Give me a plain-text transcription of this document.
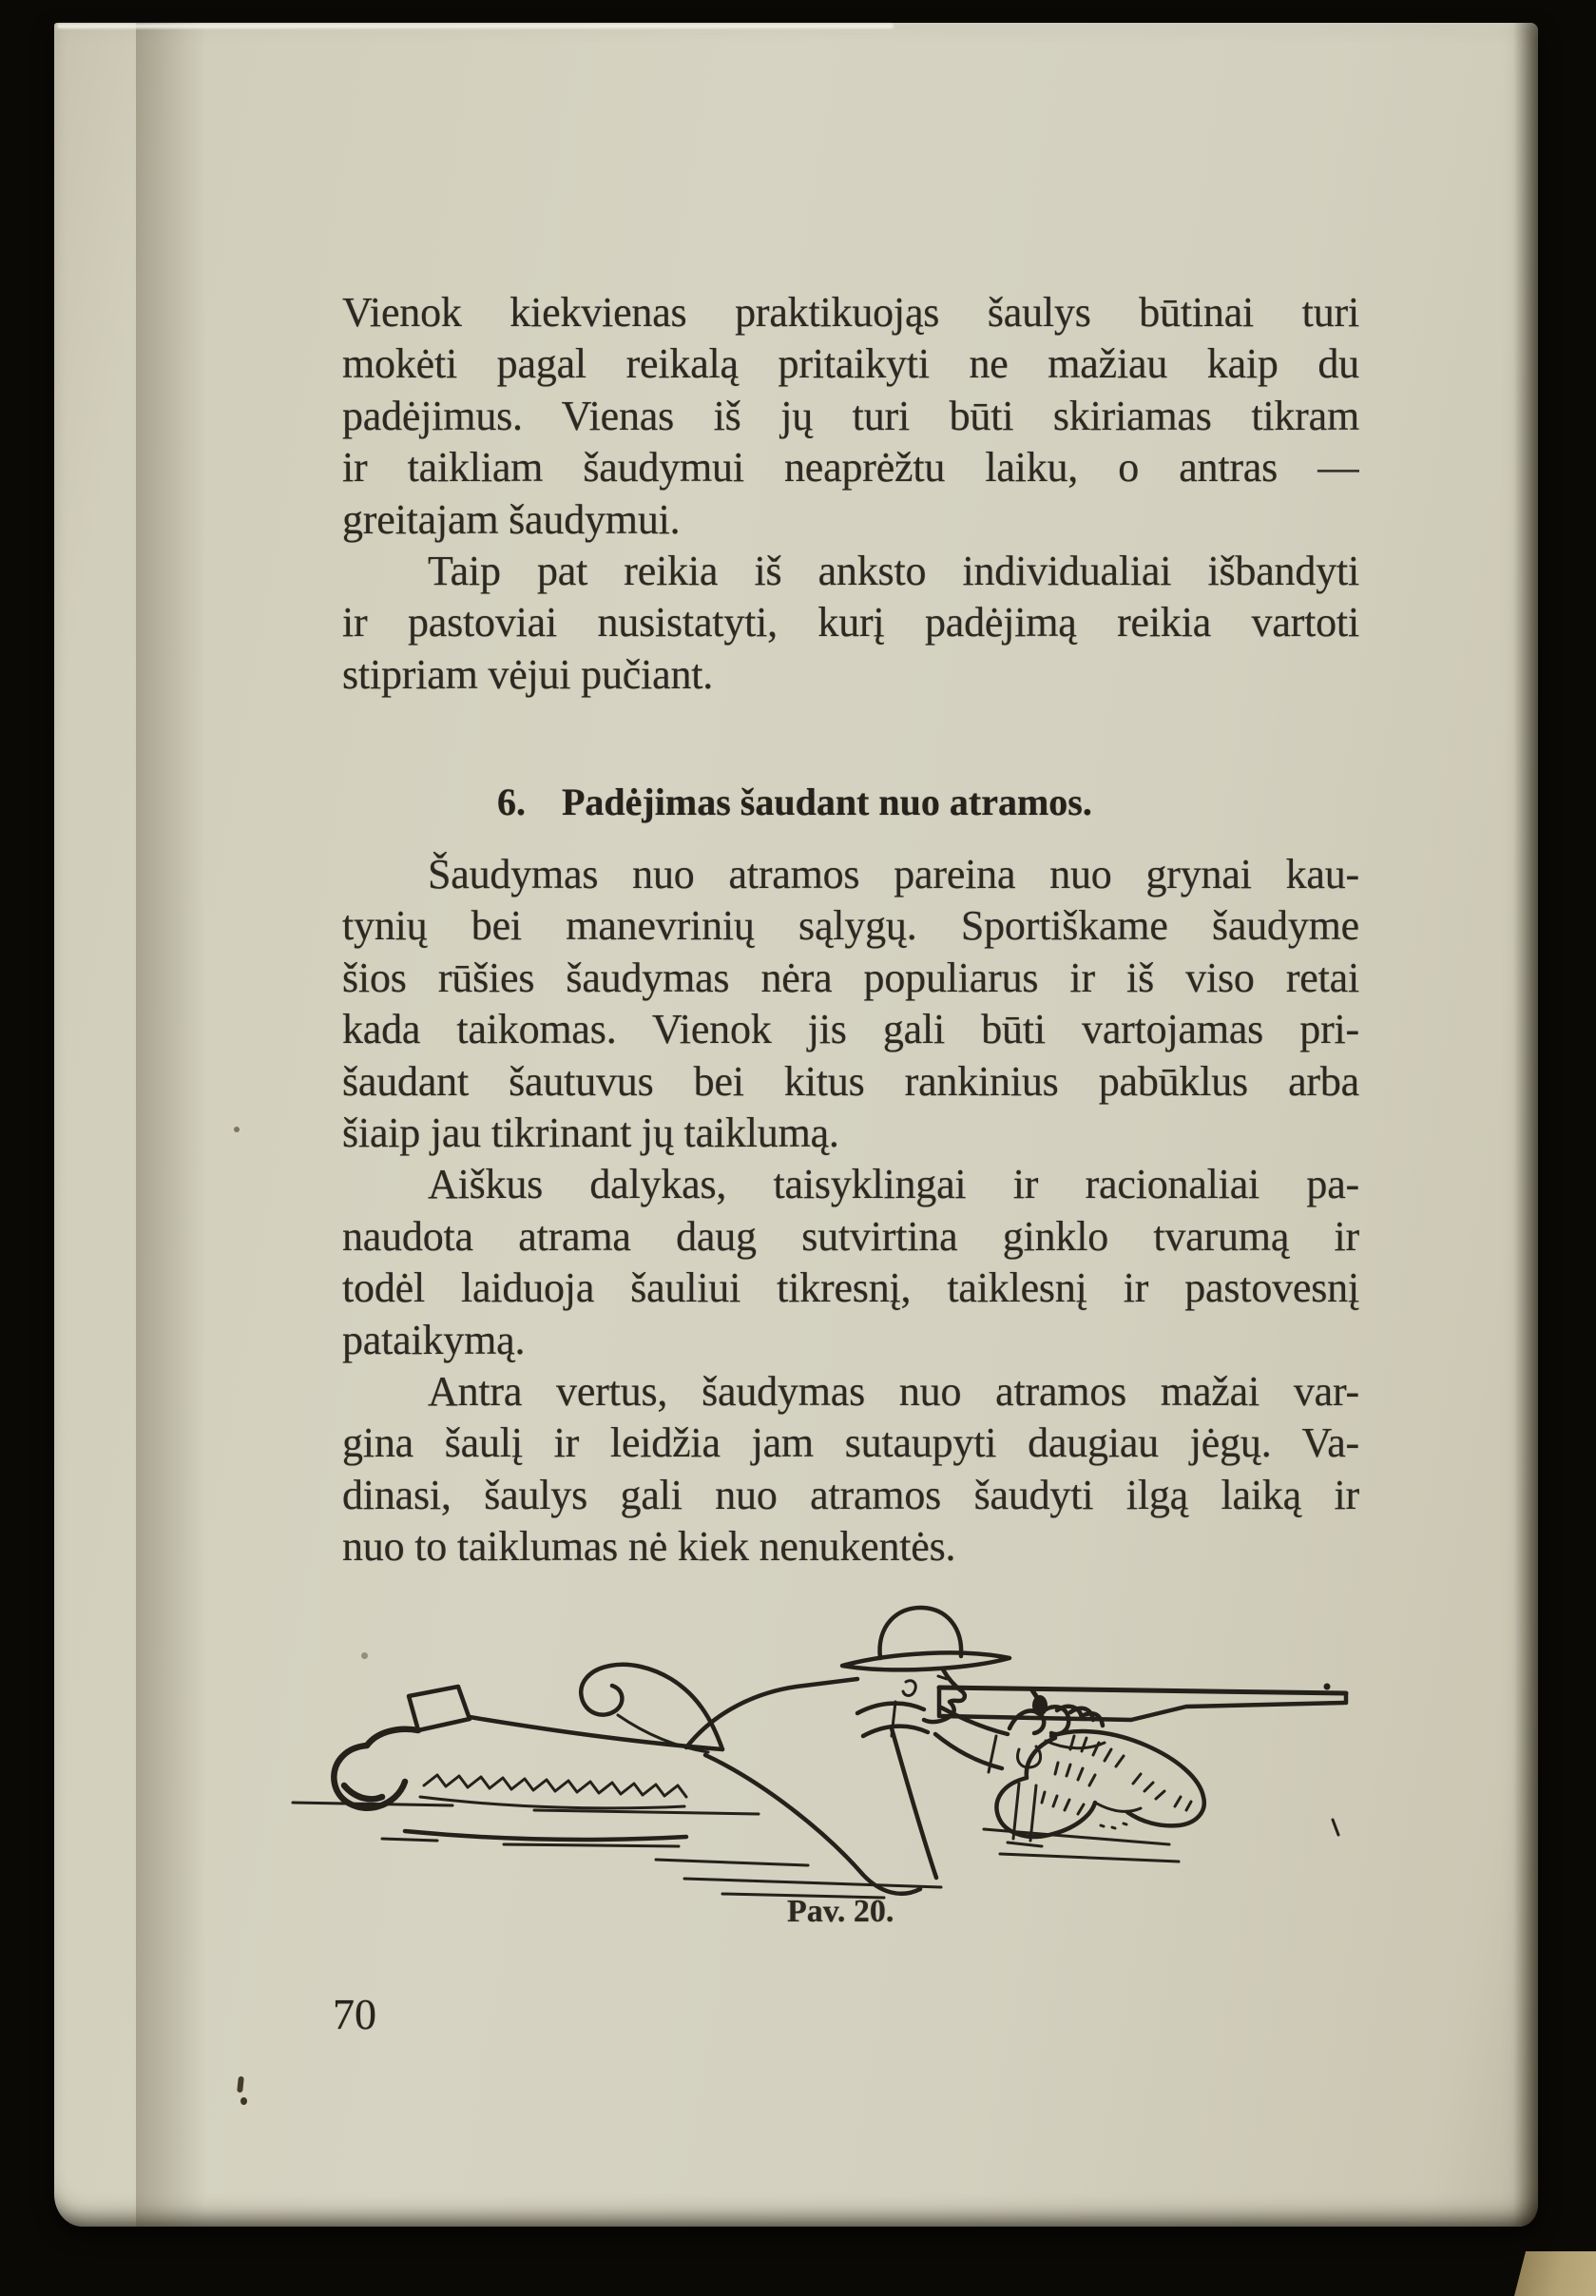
Vienok kiekvienas praktikuojąs šaulys būtinai turi
mokėti pagal reikalą pritaikyti ne mažiau kaip du
padėjimus. Vienas iš jų turi būti skiriamas tikram
ir taikliam šaudymui neaprėžtu laiku, o antras —
greitajam šaudymui.
Taip pat reikia iš anksto individualiai išbandyti
ir pastoviai nusistatyti, kurį padėjimą reikia vartoti
stipriam vėjui pučiant.
6. Padėjimas šaudant nuo atramos.
Šaudymas nuo atramos pareina nuo grynai kau-
tynių bei manevrinių sąlygų. Sportiškame šaudyme
šios rūšies šaudymas nėra populiarus ir iš viso retai
kada taikomas. Vienok jis gali būti vartojamas pri-
šaudant šautuvus bei kitus rankinius pabūklus arba
šiaip jau tikrinant jų taiklumą.
Aiškus dalykas, taisyklingai ir racionaliai pa-
naudota atrama daug sutvirtina ginklo tvarumą ir
todėl laiduoja šauliui tikresnį, taiklesnį ir pastovesnį
pataikymą.
Antra vertus, šaudymas nuo atramos mažai var-
gina šaulį ir leidžia jam sutaupyti daugiau jėgų. Va-
dinasi, šaulys gali nuo atramos šaudyti ilgą laiką ir
nuo to taiklumas nė kiek nenukentės.
Pav. 20.
70
